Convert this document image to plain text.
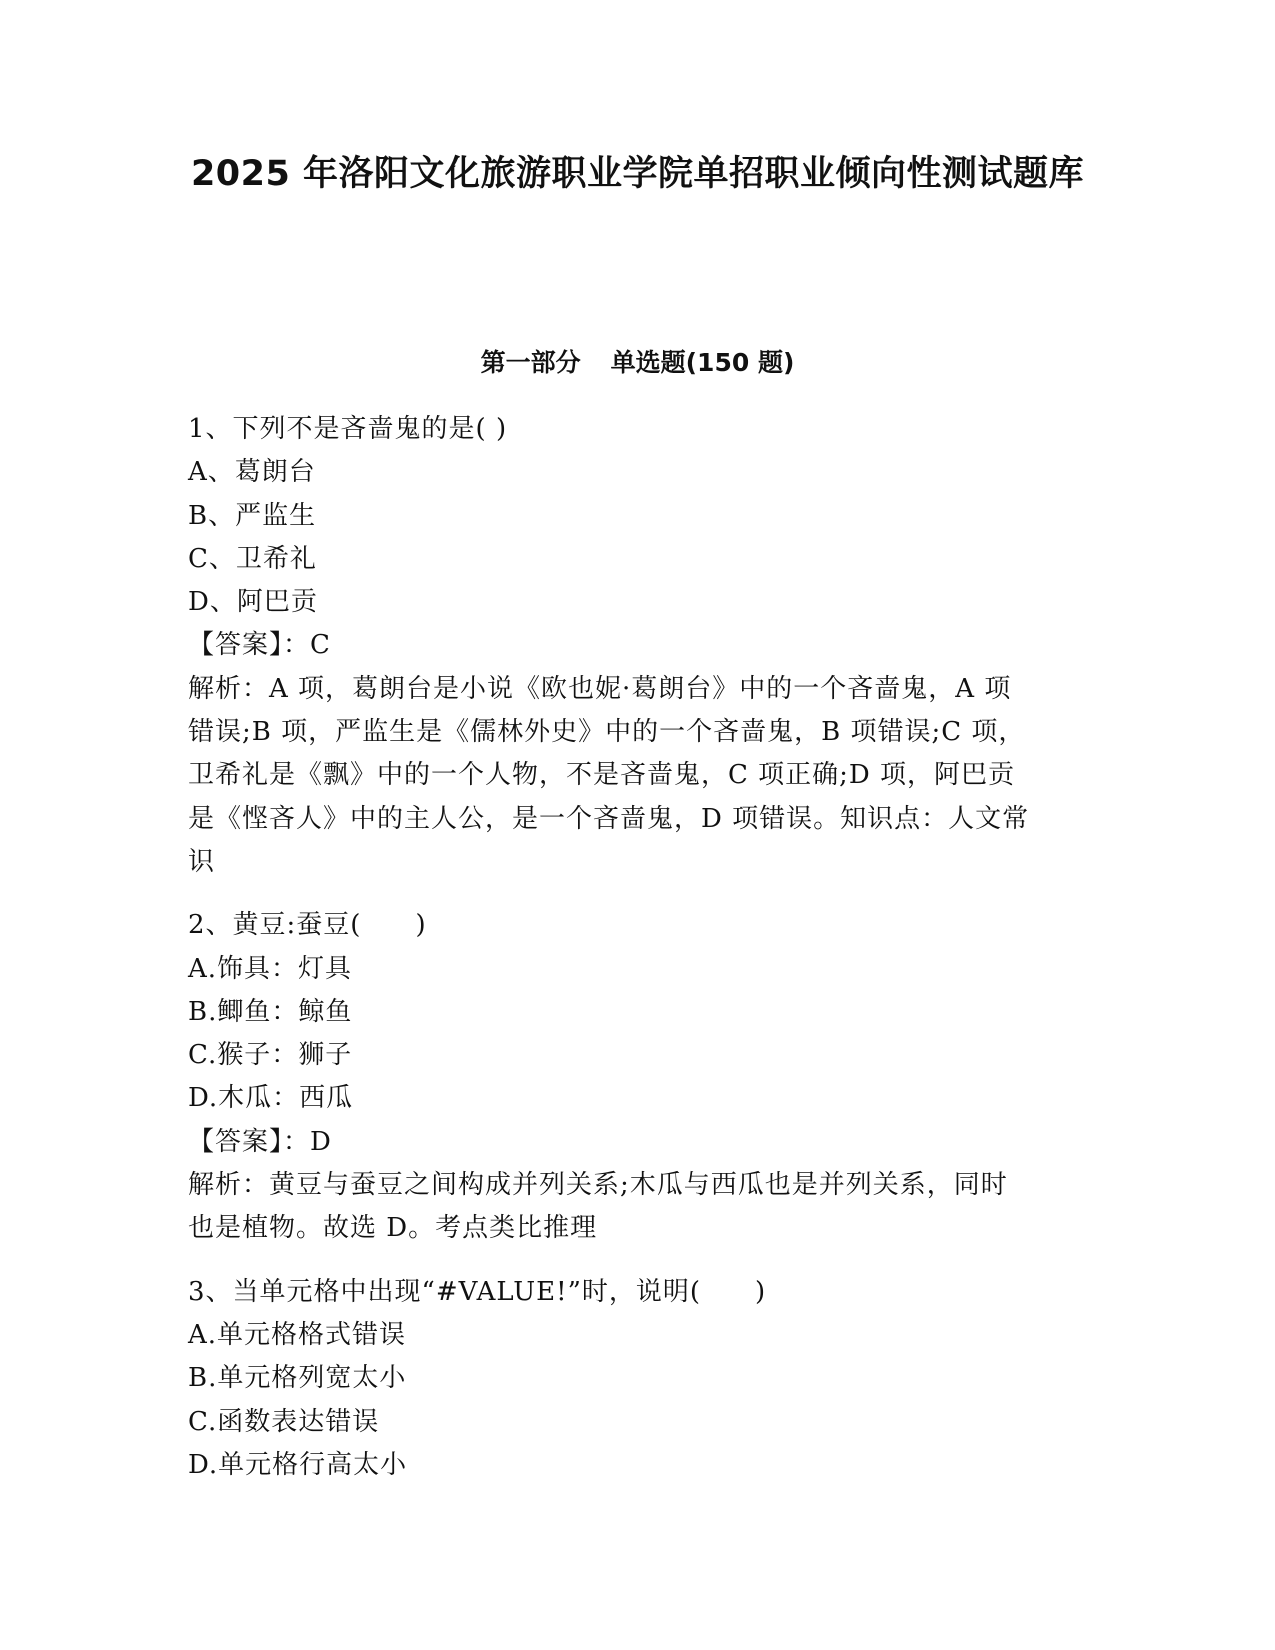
2025 年洛阳文化旅游职业学院单招职业倾向性测试题库
第一部分 单选题(150 题)
1、下列不是吝啬鬼的是( )
A、葛朗台
B、严监生
C、卫希礼
D、阿巴贡
【答案】：C
解析：A 项，葛朗台是小说《欧也妮·葛朗台》中的一个吝啬鬼，A 项
错误;B 项，严监生是《儒林外史》中的一个吝啬鬼，B 项错误;C 项，
卫希礼是《飘》中的一个人物，不是吝啬鬼，C 项正确;D 项，阿巴贡
是《悭吝人》中的主人公，是一个吝啬鬼，D 项错误。知识点：人文常
识
2、黄豆:蚕豆(　　)
A.饰具：灯具
B.鲫鱼：鲸鱼
C.猴子：狮子
D.木瓜：西瓜
【答案】：D
解析：黄豆与蚕豆之间构成并列关系;木瓜与西瓜也是并列关系，同时
也是植物。故选 D。考点类比推理
3、当单元格中出现“#VALUE!”时，说明(　　)
A.单元格格式错误
B.单元格列宽太小
C.函数表达错误
D.单元格行高太小
